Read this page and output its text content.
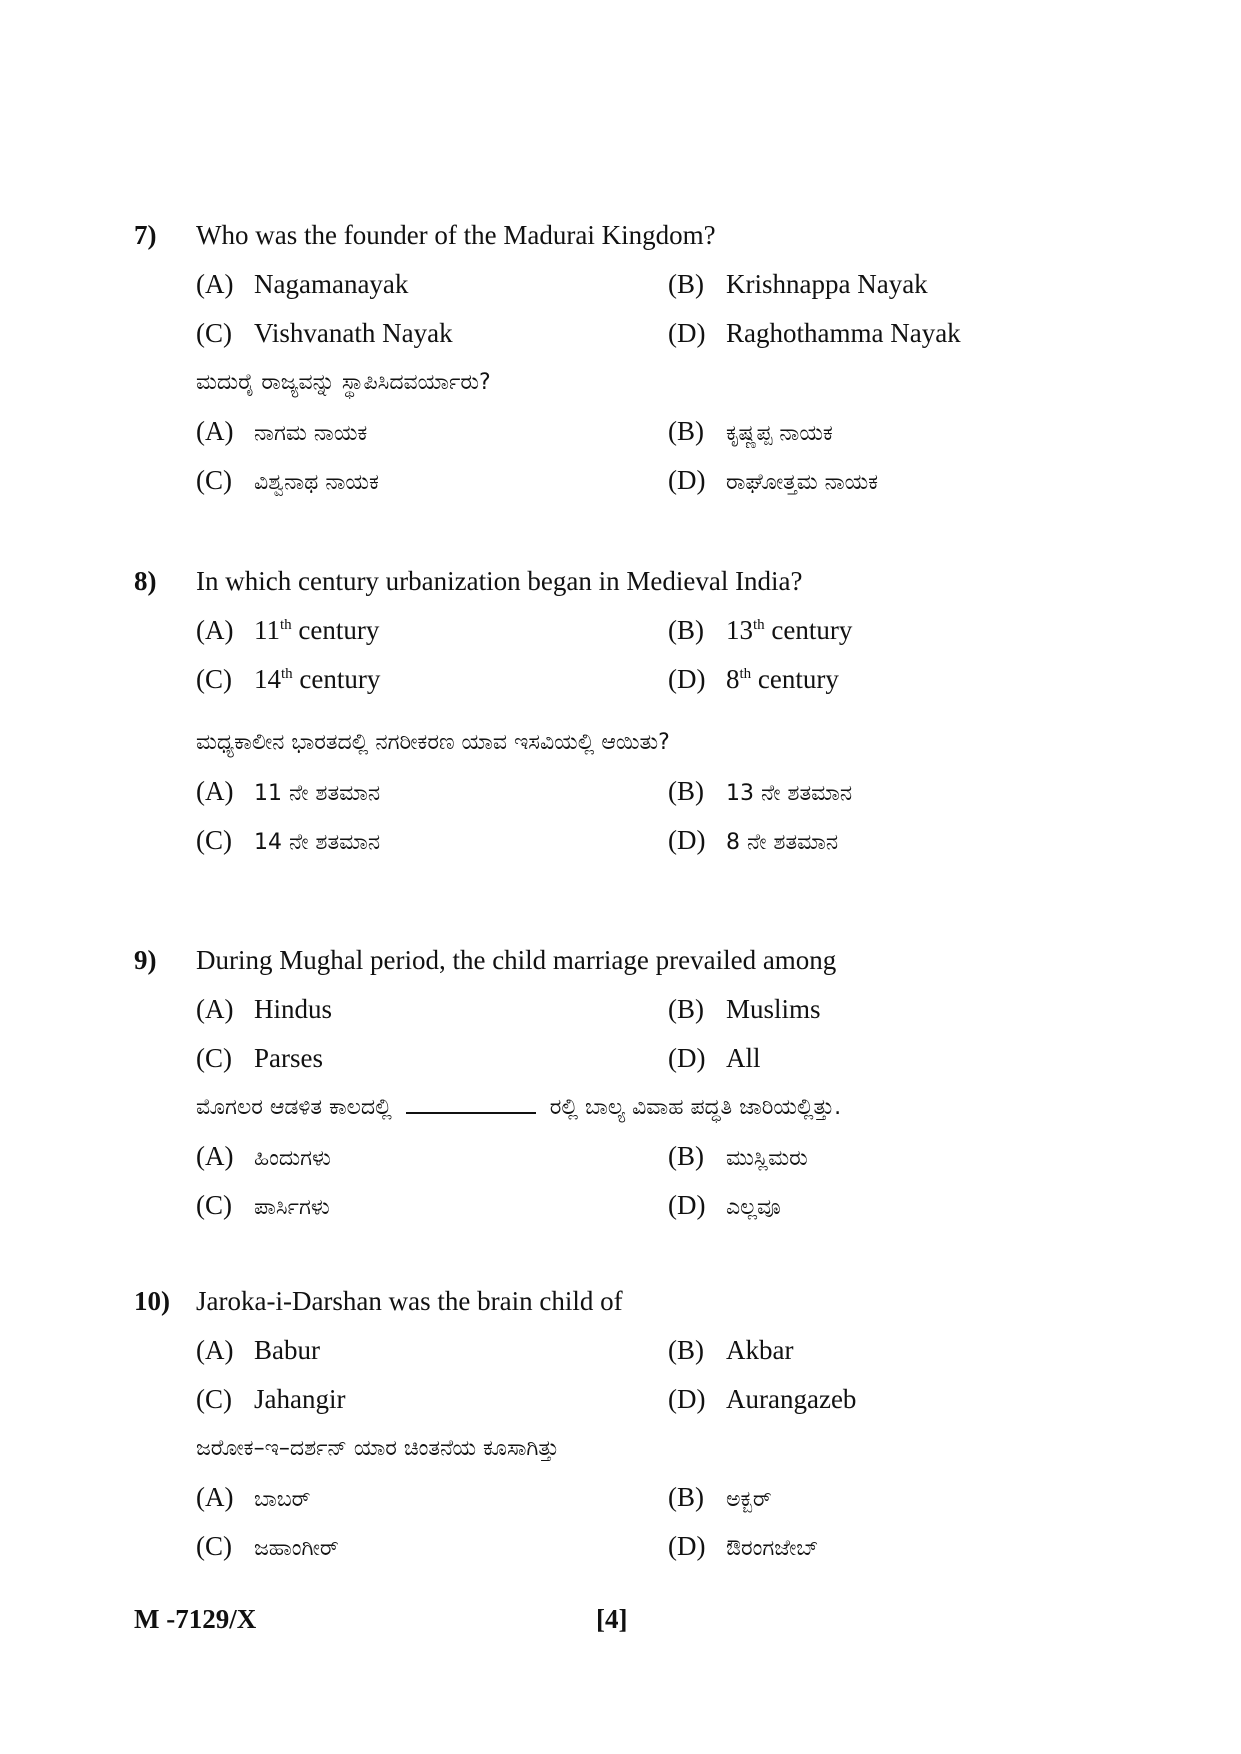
7) Who was the founder of the Madurai Kingdom?
(A) Nagamanayak	(B) Krishnappa Nayak
(C) Vishvanath Nayak	(D) Raghothamma Nayak
ಮದುರೈ ರಾಜ್ಯವನ್ನು ಸ್ಥಾಪಿಸಿದವರ್ಯಾರು?
(A) ನಾಗಮ ನಾಯಕ	(B) ಕೃಷ್ಣಪ್ಪ ನಾಯಕ
(C) ವಿಶ್ವನಾಥ ನಾಯಕ	(D) ರಾಘೋತ್ತಮ ನಾಯಕ
8) In which century urbanization began in Medieval India?
(A) 11th century	(B) 13th century
(C) 14th century	(D) 8th century
ಮಧ್ಯಕಾಲೀನ ಭಾರತದಲ್ಲಿ ನಗರೀಕರಣ ಯಾವ ಇಸವಿಯಲ್ಲಿ ಆಯಿತು?
(A) 11 ನೇ ಶತಮಾನ	(B) 13 ನೇ ಶತಮಾನ
(C) 14 ನೇ ಶತಮಾನ	(D) 8 ನೇ ಶತಮಾನ
9) During Mughal period, the child marriage prevailed among
(A) Hindus	(B) Muslims
(C) Parses	(D) All
ಮೊಗಲರ ಆಡಳಿತ ಕಾಲದಲ್ಲಿ	ರಲ್ಲಿ ಬಾಲ್ಯ ವಿವಾಹ ಪದ್ಧತಿ ಜಾರಿಯಲ್ಲಿತ್ತು.
(A) ಹಿಂದುಗಳು	(B) ಮುಸ್ಲಿಮರು
(C) ಪಾರ್ಸಿಗಳು	(D) ಎಲ್ಲವೂ
10) Jaroka-i-Darshan was the brain child of
(A) Babur	(B) Akbar
(C) Jahangir	(D) Aurangazeb
ಜರೋಕ–ಇ–ದರ್ಶನ್ ಯಾರ ಚಿಂತನೆಯ ಕೂಸಾಗಿತ್ತು
(A) ಬಾಬರ್	(B) ಅಕ್ಬರ್
(C) ಜಹಾಂಗೀರ್	(D) ಔರಂಗಜೇಬ್
M -7129/X	[4]
